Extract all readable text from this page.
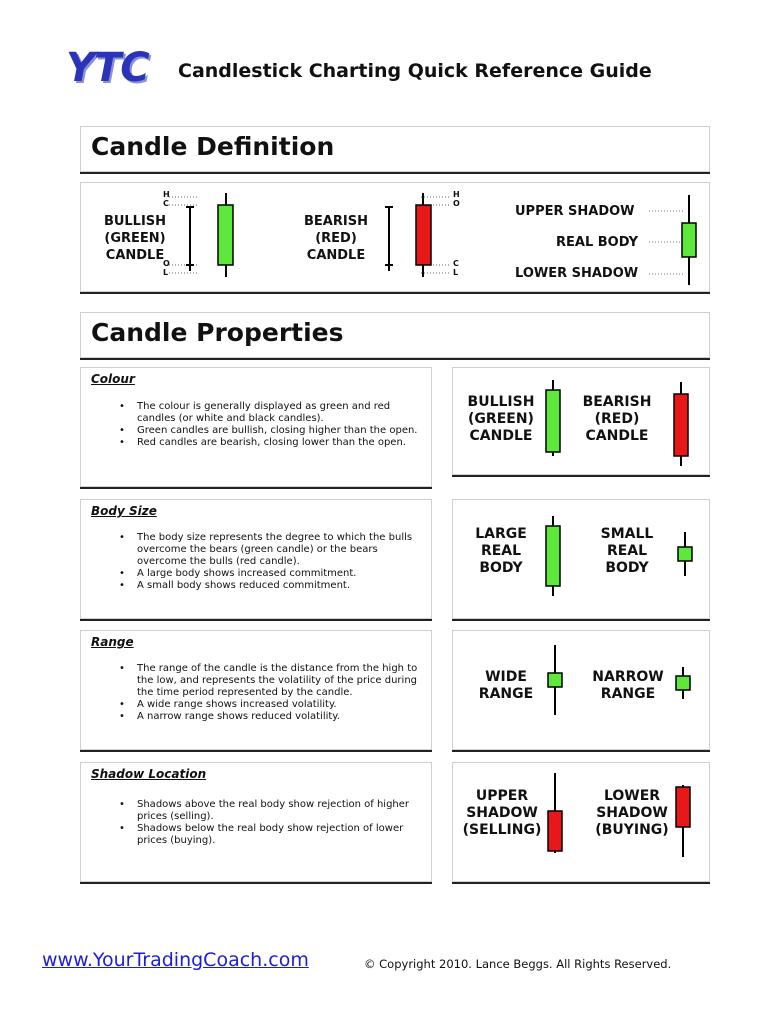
YTC	Candlestick Charting Quick Reference Guide
Candle Definition
BULLISH
(GREEN)
CANDLE
H
C
O
L
BEARISH
(RED)
CANDLE
H
O
C
L
UPPER SHADOW
REAL BODY
LOWER SHADOW
Candle Properties
Colour
• The colour is generally displayed as green and red candles (or white and black candles).
• Green candles are bullish, closing higher than the open.
• Red candles are bearish, closing lower than the open.
BULLISH
(GREEN)
CANDLE
BEARISH
(RED)
CANDLE
Body Size
• The body size represents the degree to which the bulls overcome the bears (green candle) or the bears overcome the bulls (red candle).
• A large body shows increased commitment.
• A small body shows reduced commitment.
LARGE
REAL
BODY
SMALL
REAL
BODY
Range
• The range of the candle is the distance from the high to the low, and represents the volatility of the price during the time period represented by the candle.
• A wide range shows increased volatility.
• A narrow range shows reduced volatility.
WIDE
RANGE
NARROW
RANGE
Shadow Location
• Shadows above the real body show rejection of higher prices (selling).
• Shadows below the real body show rejection of lower prices (buying).
UPPER
SHADOW
(SELLING)
LOWER
SHADOW
(BUYING)
www.YourTradingCoach.com	© Copyright 2010. Lance Beggs. All Rights Reserved.
